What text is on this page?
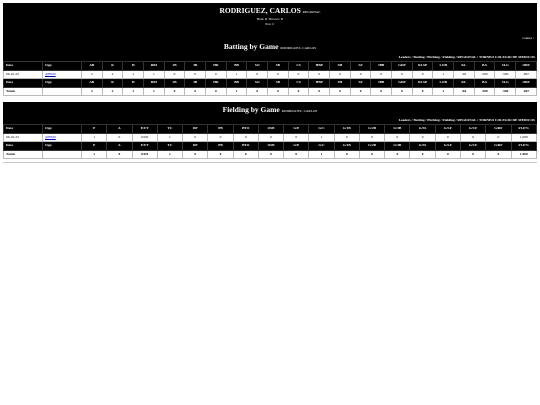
RODRIGUEZ, CARLOS REGIONAL
Bats: R Throws: R
Pos: C
Games /
Batting by Game RODRIGUEZ, CARLOS
Leaders / Batting / Pitching / Fielding / REGIONAL / TORNEO COLEGIO DE MEDICOS
Date	Opp	AB	R	H	RBI	2B	3B	HR	BB	SO	SB	CS	HBP	SH	SF	IBB	GDP	RLSP	LOB	KL	BA	SLG	OBP
06-16-22	@BSM	2	2	1	1	0	0	0	1	0	0	0	0	0	0	0	0	0	1	.0d	.500	.500	.667
Date	Opp	AB	R	H	RBI	2B	3B	HR	BB	SO	SB	CS	HBP	SH	SF	IBB	GDP	RLSP	LOB	KL	BA	SLG	OBP
Totals		2	2	1	1	0	0	0	1	0	0	0	0	0	0	0	0	0	1	.0d	.500	.500	.667
Fielding by Game RODRIGUEZ, CARLOS
Leaders / Batting / Pitching / Fielding / REGIONAL / TORNEO COLEGIO DE MEDICOS
Date	Opp	P	A	E/FT	TC	DP	PB	BTO	OSB	G/P	G/C	G/1B	G/2B	G/3B	G/SS	G/LF	G/CF	G/RF	FLD%
06-16-22	@BSM	1	0	0/0/0	1	0	0	0	0	0	1	0	0	0	0	0	0	0	1.000
Date	Opp	P	A	E/FT	TC	DP	PB	BTO	OSB	G/P	G/C	G/1B	G/2B	G/3B	G/SS	G/LF	G/CF	G/RF	FLD%
Totals		1	0	0/0/0	1	0	0	0	0	0	1	0	0	0	0	0	0	0	1.000
